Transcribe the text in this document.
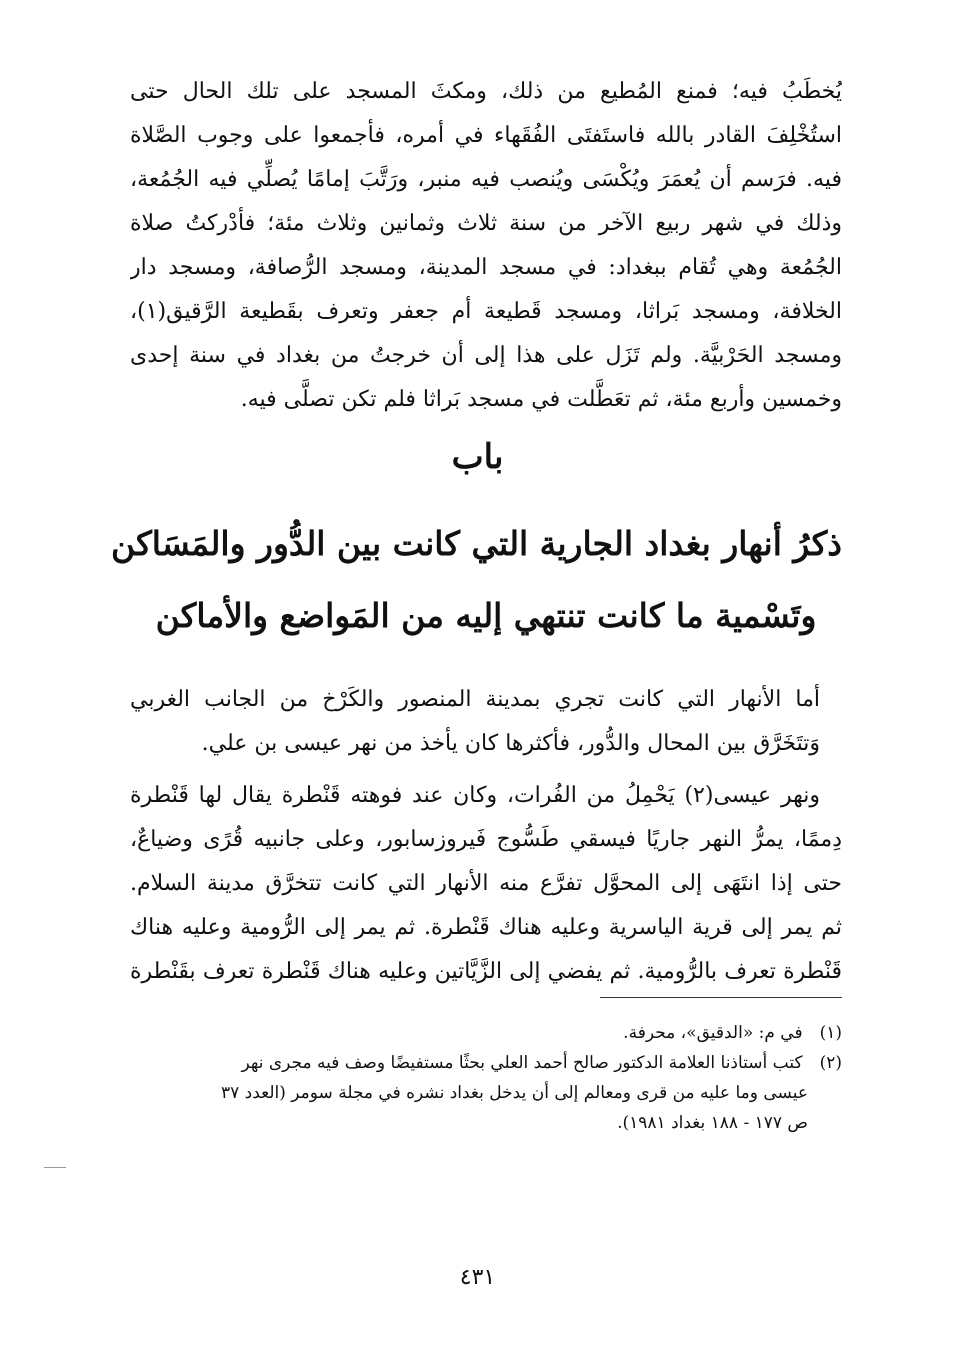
يُخطَبُ فيه؛ فمنع المُطيع من ذلك، ومكثَ المسجد على تلك الحال حتى
استُخْلِفَ القادر بالله فاستَفتَى الفُقَهاء في أمره، فأجمعوا على وجوب الصَّلاة
فيه. فرَسم أن يُعمَرَ ويُكْسَى ويُنصب فيه منبر، ورَتَّبَ إمامًا يُصلِّي فيه الجُمُعة،
وذلك في شهر ربيع الآخر من سنة ثلاث وثمانين وثلاث مئة؛ فأدْركتُ صلاة
الجُمُعة وهي تُقام ببغداد: في مسجد المدينة، ومسجد الرُّصافة، ومسجد دار
الخلافة، ومسجد بَراثا، ومسجد قَطيعة أم جعفر وتعرف بقَطيعة الرَّقيق(١)،
ومسجد الحَرْبيَّة. ولم تَزَل على هذا إلى أن خرجتُ من بغداد في سنة إحدى
وخمسين وأربع مئة، ثم تعَطَّلت في مسجد بَراثا فلم تكن تصلَّى فيه.
باب
ذكرُ أنهار بغداد الجارية التي كانت بين الدُّور والمَسَاكن
وتَسْمية ما كانت تنتهي إليه من المَواضع والأماكن
أما الأنهار التي كانت تجري بمدينة المنصور والكَرْخ من الجانب الغربي
وَتتَخَرَّق بين المحال والدُّور، فأكثرها كان يأخذ من نهر عيسى بن علي.
ونهر عيسى(٢) يَحْمِلُ من الفُرات، وكان عند فوهته قَنْطرة يقال لها قَنْطرة
دِممًا، يمرُّ النهر جاريًا فيسقي طَسُّوج فَيروزسابور، وعلى جانبيه قُرًى وضياعٌ،
حتى إذا انتَهَى إلى المحوَّل تفرَّع منه الأنهار التي كانت تتخرَّق مدينة السلام.
ثم يمر إلى قرية الياسرية وعليه هناك قَنْطرة. ثم يمر إلى الرُّومية وعليه هناك
قَنْطرة تعرف بالرُّومية. ثم يفضي إلى الزَّيَّاتين وعليه هناك قَنْطرة تعرف بقَنْطرة
(١) في م: «الدقيق»، محرفة.
(٢) كتب أستاذنا العلامة الدكتور صالح أحمد العلي بحثًا مستفيضًا وصف فيه مجرى نهر
عيسى وما عليه من قرى ومعالم إلى أن يدخل بغداد نشره في مجلة سومر (العدد ٣٧
ص ١٧٧ - ١٨٨ بغداد ١٩٨١).
٤٣١
